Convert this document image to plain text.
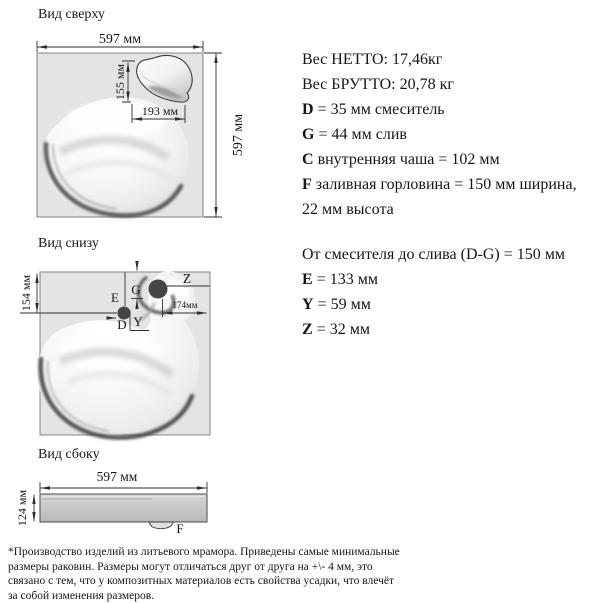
Вид сверху
Вид снизу
Вид сбоку
597 мм
597 мм
155 мм
193 мм
154 мм	E
G
Z
174мм
D Y
597 мм
124 мм
F
Вес НЕТТО: 17,46кг
Вес БРУТТО: 20,78 кг
D = 35 мм смеситель
G = 44 мм слив
C внутренняя чаша = 102 мм
F заливная горловина = 150 мм ширина,
22 мм высота
От смесителя до слива (D-G) = 150 мм
E = 133 мм
Y = 59 мм
Z = 32 мм
*Производство изделий из литьевого мрамора. Приведены самые минимальные
размеры раковин. Размеры могут отличаться друг от друга на +\- 4 мм, это
связано с тем, что у композитных материалов есть свойства усадки, что влечёт
за собой изменения размеров.
